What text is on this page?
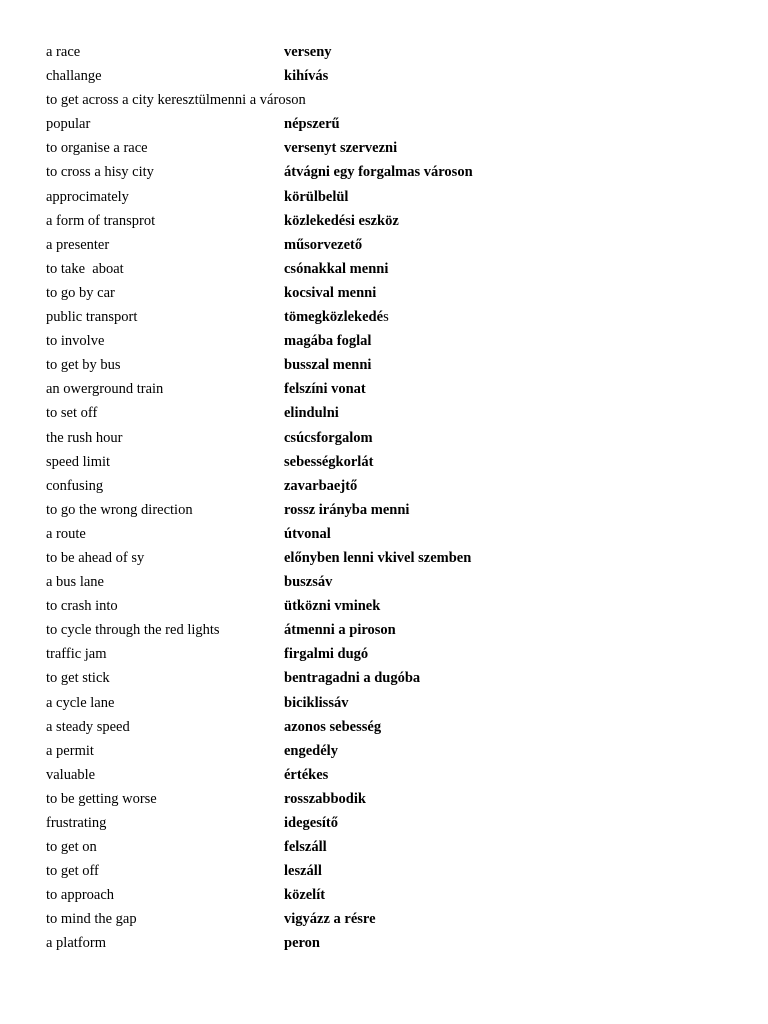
a race	verseny
challange	kihívás
to get across a city keresztülmenni a városon
popular	népszerű
to organise a race	versenyt szervezni
to cross a hisy city	átvágni egy forgalmas városon
approcimately	körülbelül
a form of transprot	közlekedési eszköz
a presenter	műsorvezető
to take  aboat	csónakkal menni
to go by car	kocsival menni
public transport	tömegközlekedés
to involve	magába foglal
to get by bus	busszal menni
an owerground train	felszíni vonat
to set off	elindulni
the rush hour	csúcsforgalom
speed limit	sebességkorlát
confusing	zavarbaejtő
to go the wrong direction	rossz irányba menni
a route	útvonal
to be ahead of sy	előnyben lenni vkivel szemben
a bus lane	buszsáv
to crash into	ütközni vminek
to cycle through the red lights	átmenni a piroson
traffic jam	firgalmi dugó
to get stick	bentragadni a dugóba
a cycle lane	biciklissáv
a steady speed	azonos sebesség
a permit	engedély
valuable	értékes
to be getting worse	rosszabbodik
frustrating	idegesítő
to get on	felszáll
to get off	leszáll
to approach	közelít
to mind the gap	vigyázz a résre
a platform	peron
